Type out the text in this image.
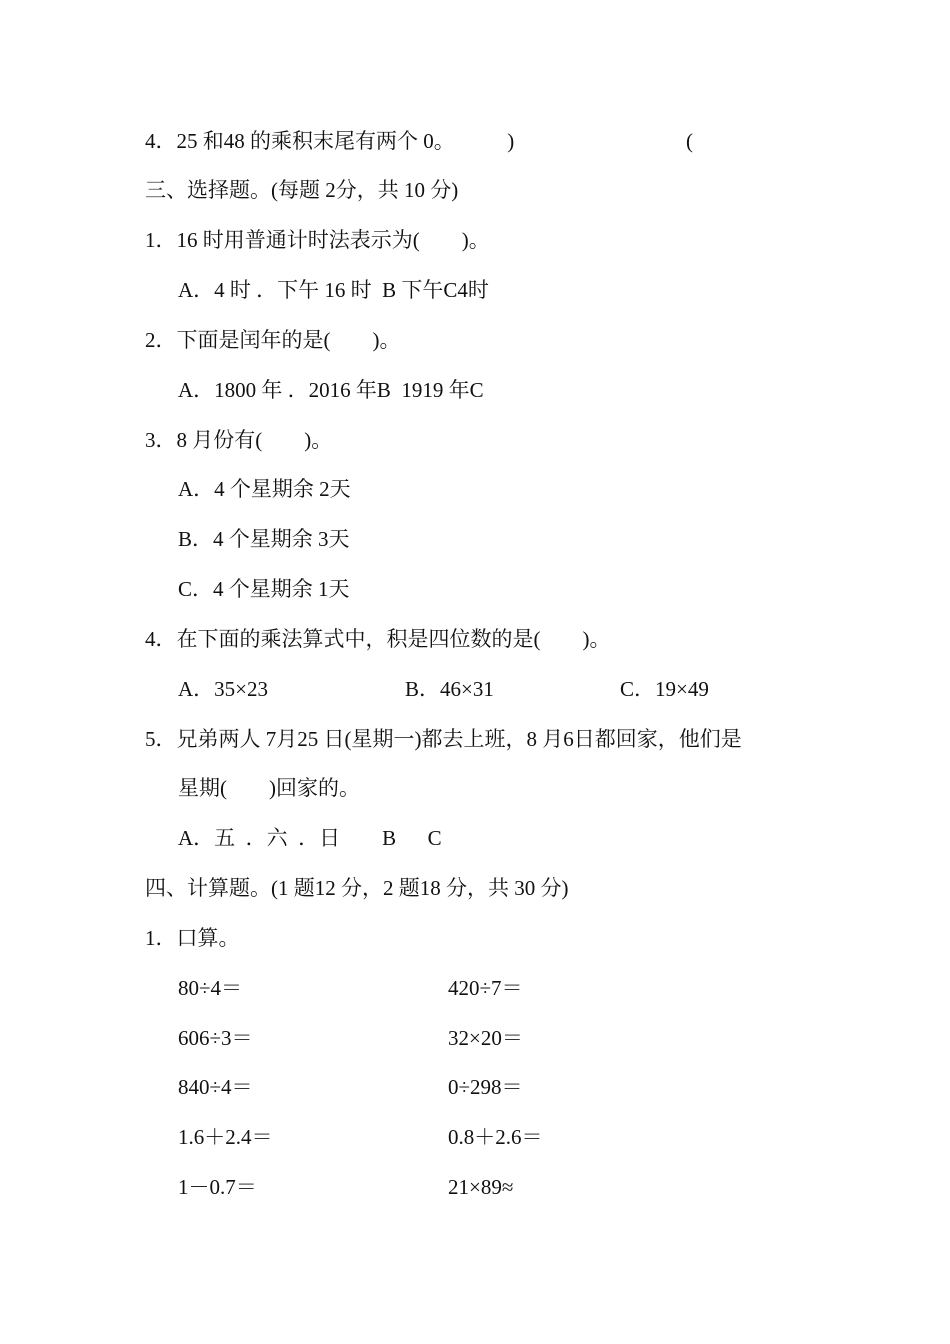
4．25 和48 的乘积末尾有两个 0。          )	(
三、选择题。(每题 2分，共 10 分)
1．16 时用普通计时法表示为(        )。
A．4 时 ．下午 16 时  B 下午C4时
2．下面是闰年的是(        )。
A．1800 年 ．2016 年B  1919 年C
3．8 月份有(        )。
A．4 个星期余 2天
B．4 个星期余 3天
C．4 个星期余 1天
4．在下面的乘法算式中，积是四位数的是(        )。
A．35×23	B．46×31	C．19×49
5．兄弟两人 7月25 日(星期一)都去上班，8 月6日都回家，他们是
星期(        )回家的。
A．五  ．六  ．日        B      C
四、计算题。(1 题12 分，2 题18 分，共 30 分)
1．口算。
80÷4＝	420÷7＝
606÷3＝	32×20＝
840÷4＝	0÷298＝
1.6＋2.4＝	0.8＋2.6＝
1－0.7＝	21×89≈
